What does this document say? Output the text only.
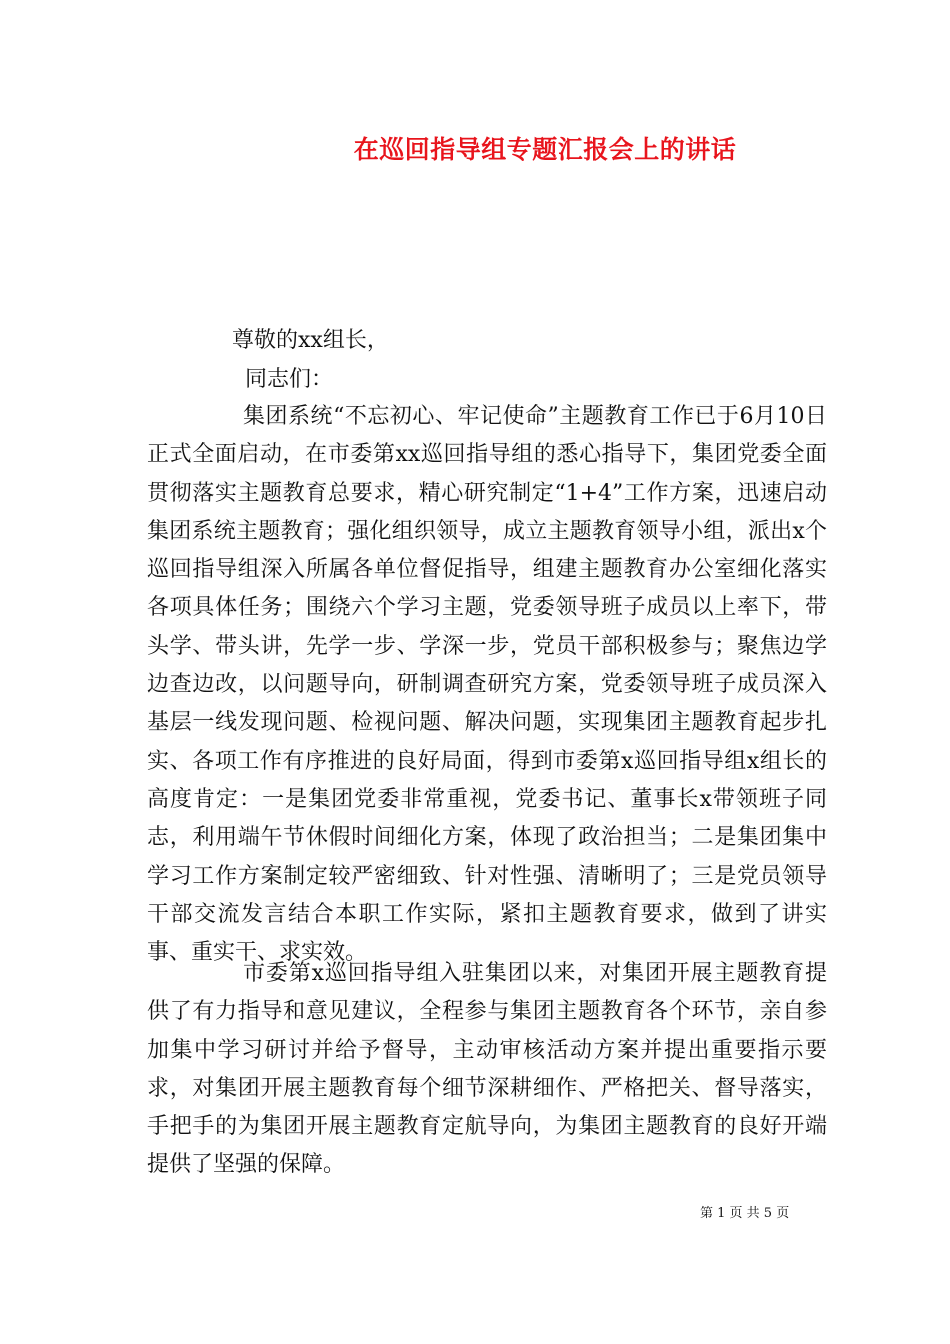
在巡回指导组专题汇报会上的讲话

尊敬的xx组长，

同志们：

集团系统“不忘初心、牢记使命”主题教育工作已于6月10日正式全面启动，在市委第xx巡回指导组的悉心指导下，集团党委全面贯彻落实主题教育总要求，精心研究制定“1+4”工作方案，迅速启动集团系统主题教育；强化组织领导，成立主题教育领导小组，派出x个巡回指导组深入所属各单位督促指导，组建主题教育办公室细化落实各项具体任务；围绕六个学习主题，党委领导班子成员以上率下，带头学、带头讲，先学一步、学深一步，党员干部积极参与；聚焦边学边查边改，以问题导向，研制调查研究方案，党委领导班子成员深入基层一线发现问题、检视问题、解决问题，实现集团主题教育起步扎实、各项工作有序推进的良好局面，得到市委第x巡回指导组x组长的高度肯定：一是集团党委非常重视，党委书记、董事长x带领班子同志，利用端午节休假时间细化方案，体现了政治担当；二是集团集中学习工作方案制定较严密细致、针对性强、清晰明了；三是党员领导干部交流发言结合本职工作实际，紧扣主题教育要求，做到了讲实事、重实干、求实效。

市委第x巡回指导组入驻集团以来，对集团开展主题教育提供了有力指导和意见建议，全程参与集团主题教育各个环节，亲自参加集中学习研讨并给予督导，主动审核活动方案并提出重要指示要求，对集团开展主题教育每个细节深耕细作、严格把关、督导落实，手把手的为集团开展主题教育定航导向，为集团主题教育的良好开端提供了坚强的保障。

第 1 页 共 5 页
